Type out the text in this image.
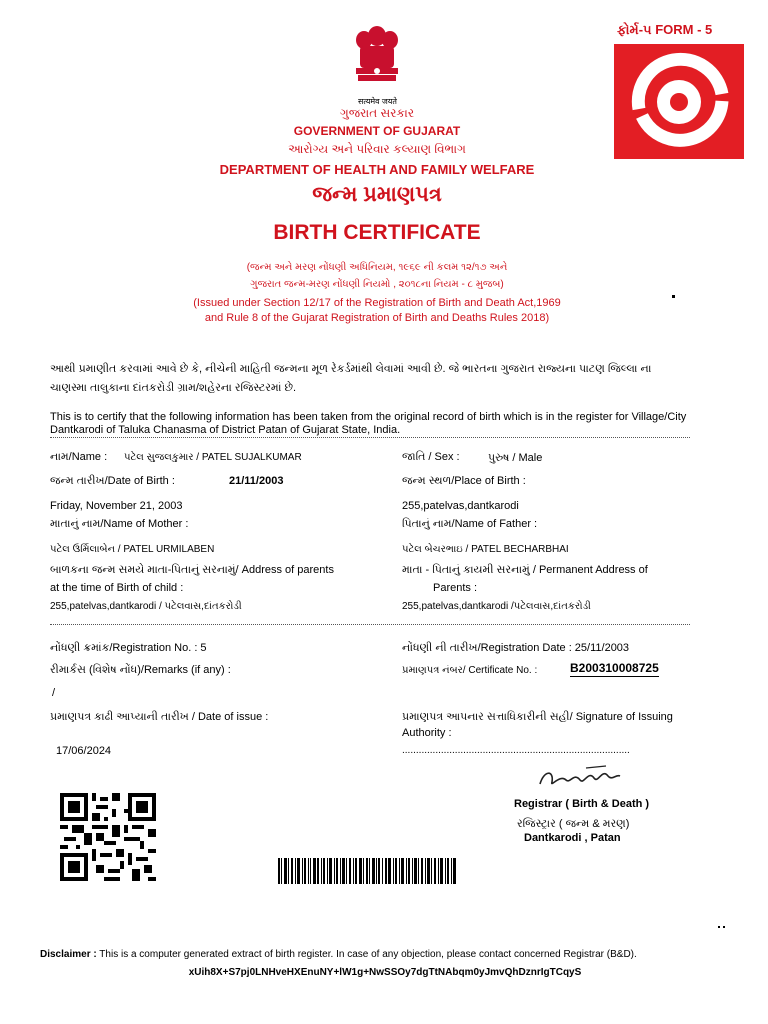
ફોર્મ-૫ FORM - 5
सत्यमेव जयते
ગુજરાત સરકાર
GOVERNMENT OF GUJARAT
આરોગ્ય અને પરિવાર કલ્યાણ વિભાગ
DEPARTMENT OF HEALTH AND FAMILY WELFARE
જન્મ પ્રમાણપત્ર
BIRTH CERTIFICATE
(જન્મ અને મરણ નોંધણી અધિનિયમ, ૧૯૬૯ ની કલમ ૧૨/૧૭ અને
ગુજરાત જન્મ-મરણ નોંધણી નિયમો , ૨૦૧૮ના નિયમ - ૮ મુજબ)
(Issued under Section 12/17 of the Registration of Birth and Death Act,1969
and Rule 8 of the Gujarat Registration of Birth and Deaths Rules 2018)
આથી પ્રમાણીત કરવામાં આવે છે કે, નીચેની માહિતી જન્મના મૂળ રેકર્ડમાંથી લેવામાં આવી છે. જે ભારતના ગુજરાત રાજ્યના પાટણ જિલ્લા ના
ચાણસ્મા તાલુકાના દાંતકરોડી ગ્રામ/શહેરના રજિસ્ટરમાં છે.
This is to certify that the following information has been taken from the original record of birth which is in the register for Village/City
Dantkarodi of Taluka Chanasma of District Patan of Gujarat State, India.
નામ/Name : પટેલ સુજલકુમાર / PATEL SUJALKUMAR	જાતિ / Sex :	પુરુષ / Male
જન્મ તારીખ/Date of Birth :	21/11/2003	જન્મ સ્થળ/Place of Birth :
Friday, November 21, 2003	255,patelvas,dantkarodi
માતાનું નામ/Name of Mother :	પિતાનું નામ/Name of Father :
પટેલ ઉર્મિલાબેન / PATEL URMILABEN	પટેલ બેચરભાઇ / PATEL BECHARBHAI
બાળકના જન્મ સમયે માતા-પિતાનું સરનામું/ Address of parents
at the time of Birth of child :
માતા - પિતાનું કાયમી સરનામું / Permanent Address of
Parents :
255,patelvas,dantkarodi / પટેલવાસ,દાંતકરોડી	255,patelvas,dantkarodi /પટેલવાસ,દાંતકરોડી
નોંધણી ક્રમાંક/Registration No. : 5	નોંધણી ની તારીખ/Registration Date : 25/11/2003
રીમાર્કસ (વિશેષ નોંધ)/Remarks (if any) :	પ્રમાણપત્ર નંબર/ Certificate No. :	B200310008725
/
પ્રમાણપત્ર કાઢી આપ્યાની તારીખ / Date of issue :	પ્રમાણપત્ર આપનાર સત્તાધિકારીની સહી/ Signature of Issuing
Authority :
17/06/2024	..................................................................................
Registrar ( Birth & Death )
રજિસ્ટ્રાર ( જન્મ & મરણ)
Dantkarodi , Patan
Disclaimer : This is a computer generated extract of birth register. In case of any objection, please contact concerned Registrar (B&D).
xUih8X+S7pj0LNHveHXEnuNY+lW1g+NwSSOy7dgTtNAbqm0yJmvQhDznrIgTCqyS
